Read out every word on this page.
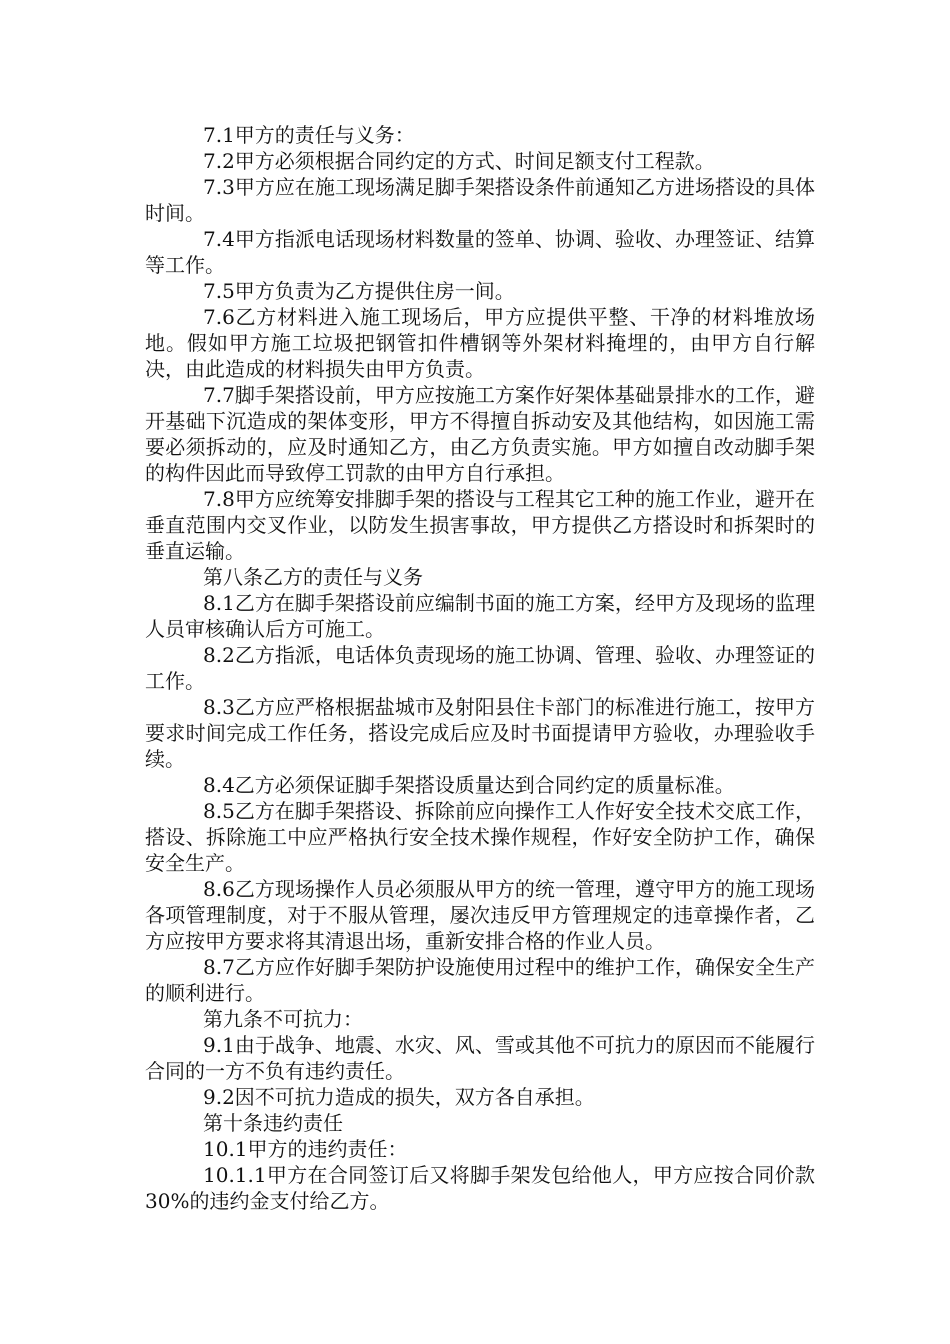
7.1甲方的责任与义务：

7.2甲方必须根据合同约定的方式、时间足额支付工程款。

7.3甲方应在施工现场满足脚手架搭设条件前通知乙方进场搭设的具体时间。

7.4甲方指派电话现场材料数量的签单、协调、验收、办理签证、结算等工作。

7.5甲方负责为乙方提供住房一间。

7.6乙方材料进入施工现场后，甲方应提供平整、干净的材料堆放场地。假如甲方施工垃圾把钢管扣件槽钢等外架材料掩埋的，由甲方自行解决，由此造成的材料损失由甲方负责。

7.7脚手架搭设前，甲方应按施工方案作好架体基础景排水的工作，避开基础下沉造成的架体变形，甲方不得擅自拆动安及其他结构，如因施工需要必须拆动的，应及时通知乙方，由乙方负责实施。甲方如擅自改动脚手架的构件因此而导致停工罚款的由甲方自行承担。

7.8甲方应统筹安排脚手架的搭设与工程其它工种的施工作业，避开在垂直范围内交叉作业，以防发生损害事故，甲方提供乙方搭设时和拆架时的垂直运输。

第八条乙方的责任与义务

8.1乙方在脚手架搭设前应编制书面的施工方案，经甲方及现场的监理人员审核确认后方可施工。

8.2乙方指派，电话体负责现场的施工协调、管理、验收、办理签证的工作。

8.3乙方应严格根据盐城市及射阳县住卡部门的标准进行施工，按甲方要求时间完成工作任务，搭设完成后应及时书面提请甲方验收，办理验收手续。

8.4乙方必须保证脚手架搭设质量达到合同约定的质量标准。

8.5乙方在脚手架搭设、拆除前应向操作工人作好安全技术交底工作，搭设、拆除施工中应严格执行安全技术操作规程，作好安全防护工作，确保安全生产。

8.6乙方现场操作人员必须服从甲方的统一管理，遵守甲方的施工现场各项管理制度，对于不服从管理，屡次违反甲方管理规定的违章操作者，乙方应按甲方要求将其清退出场，重新安排合格的作业人员。

8.7乙方应作好脚手架防护设施使用过程中的维护工作，确保安全生产的顺利进行。

第九条不可抗力：

9.1由于战争、地震、水灾、风、雪或其他不可抗力的原因而不能履行合同的一方不负有违约责任。

9.2因不可抗力造成的损失，双方各自承担。

第十条违约责任

10.1甲方的违约责任：

10.1.1甲方在合同签订后又将脚手架发包给他人，甲方应按合同价款30%的违约金支付给乙方。
